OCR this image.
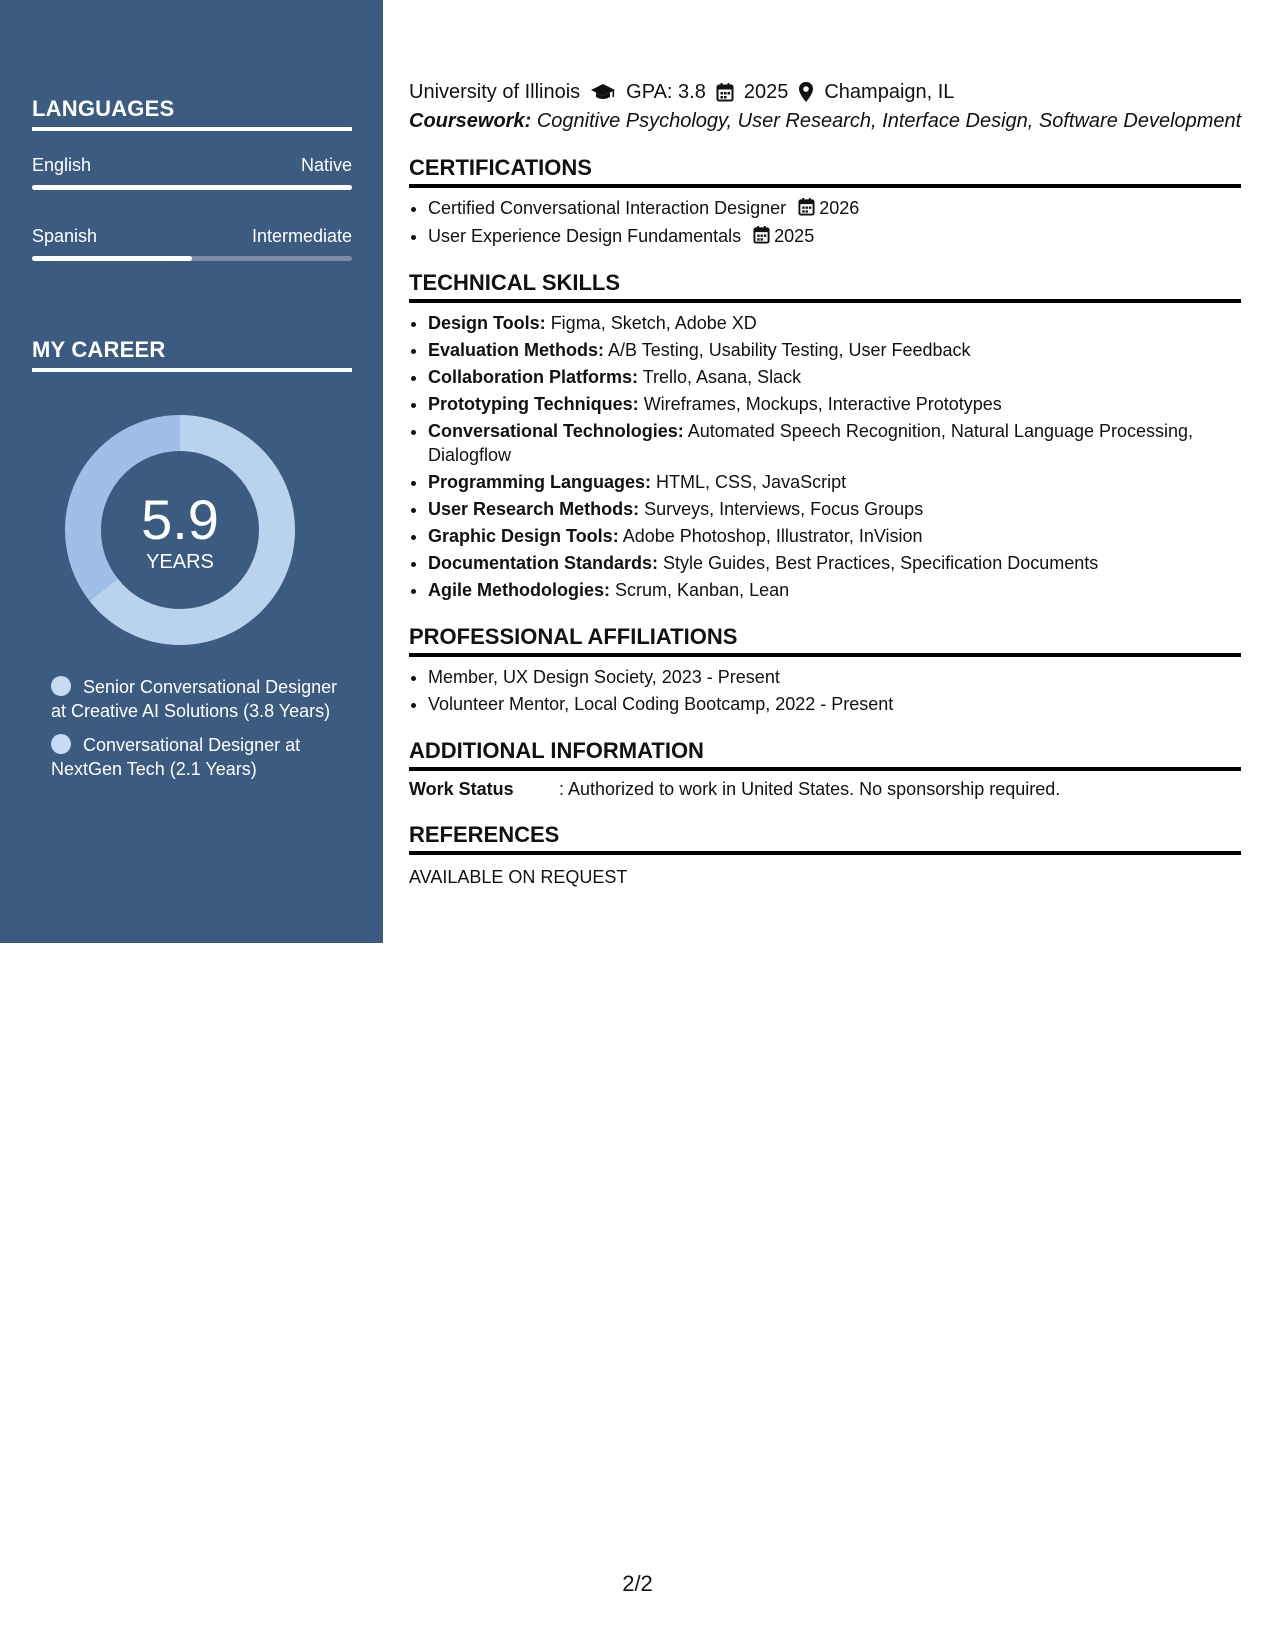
LANGUAGES
English	Native
Spanish	Intermediate
MY CAREER
5.9
YEARS
Senior Conversational Designer at Creative AI Solutions (3.8 Years)
Conversational Designer at NextGen Tech (2.1 Years)
University of Illinois GPA: 3.8 2025 Champaign, IL
Coursework: Cognitive Psychology, User Research, Interface Design, Software Development
CERTIFICATIONS
• Certified Conversational Interaction Designer 2026
• User Experience Design Fundamentals 2025
TECHNICAL SKILLS
• Design Tools: Figma, Sketch, Adobe XD
• Evaluation Methods: A/B Testing, Usability Testing, User Feedback
• Collaboration Platforms: Trello, Asana, Slack
• Prototyping Techniques: Wireframes, Mockups, Interactive Prototypes
• Conversational Technologies: Automated Speech Recognition, Natural Language Processing, Dialogflow
• Programming Languages: HTML, CSS, JavaScript
• User Research Methods: Surveys, Interviews, Focus Groups
• Graphic Design Tools: Adobe Photoshop, Illustrator, InVision
• Documentation Standards: Style Guides, Best Practices, Specification Documents
• Agile Methodologies: Scrum, Kanban, Lean
PROFESSIONAL AFFILIATIONS
• Member, UX Design Society, 2023 - Present
• Volunteer Mentor, Local Coding Bootcamp, 2022 - Present
ADDITIONAL INFORMATION
Work Status	: Authorized to work in United States. No sponsorship required.
REFERENCES
AVAILABLE ON REQUEST
2/2
